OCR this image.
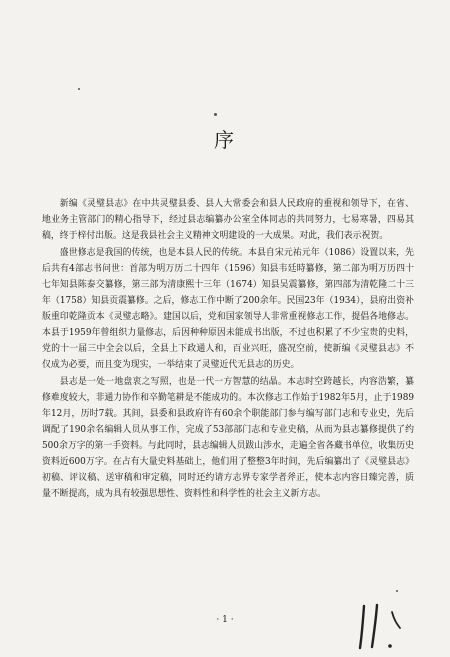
序

新编《灵璧县志》在中共灵璧县委、县人大常委会和县人民政府的重视和领导下，在省、地业务主管部门的精心指导下，经过县志编纂办公室全体同志的共同努力，七易寒暑，四易其稿，终于梓付出版。这是我县社会主义精神文明建设的一大成果。对此，我们表示祝贺。

盛世修志是我国的传统，也是本县人民的传统。本县自宋元祐元年（1086）设置以来，先后共有4部志书问世：首部为明万历二十四年（1596）知县韦廷時纂修，第二部为明万历四十七年知县陈泰交纂修，第三部为清康熙十三年（1674）知县吴震纂修，第四部为清乾隆二十三年（1758）知县贡震纂修。之后，修志工作中断了200余年。民国23年（1934），县府出资补版重印乾隆贡本《灵璧志略》。建国以后，党和国家领导人非常重视修志工作，提倡各地修志。本县于1959年曾组织力量修志，后因种种原因未能成书出版，不过也积累了不少宝贵的史料，党的十一届三中全会以后，全县上下政通人和，百业兴旺，盛况空前，使新编《灵璧县志》不仅成为必要，而且变为现实，一举结束了灵璧近代无县志的历史。

县志是一处一地盘衷之写照，也是一代一方智慧的结晶。本志时空跨越长，内容浩繁，纂修难度较大，非通力协作和卒勤笔耕是不能成功的。本次修志工作始于1982年5月，止于1989年12月，历时7载。其间，县委和县政府许有60余个职能部门参与编写部门志和专业史，先后调配了190余名编辑人员从事工作，完成了53部部门志和专业史稿，从而为县志纂修提供了约500余万字的第一手资料。与此同时，县志编辑人员跋山涉水，走遍全省各藏书单位，收集历史资料近600万字。在占有大量史料基础上，他们用了整整3年时间，先后编纂出了《灵璧县志》初稿、评议稿、送审稿和审定稿，同时还约请方志界专家学者斧正，使本志内容日臻完善，质量不断提高，成为具有较强思想性、资料性和科学性的社会主义新方志。

· 1 ·
